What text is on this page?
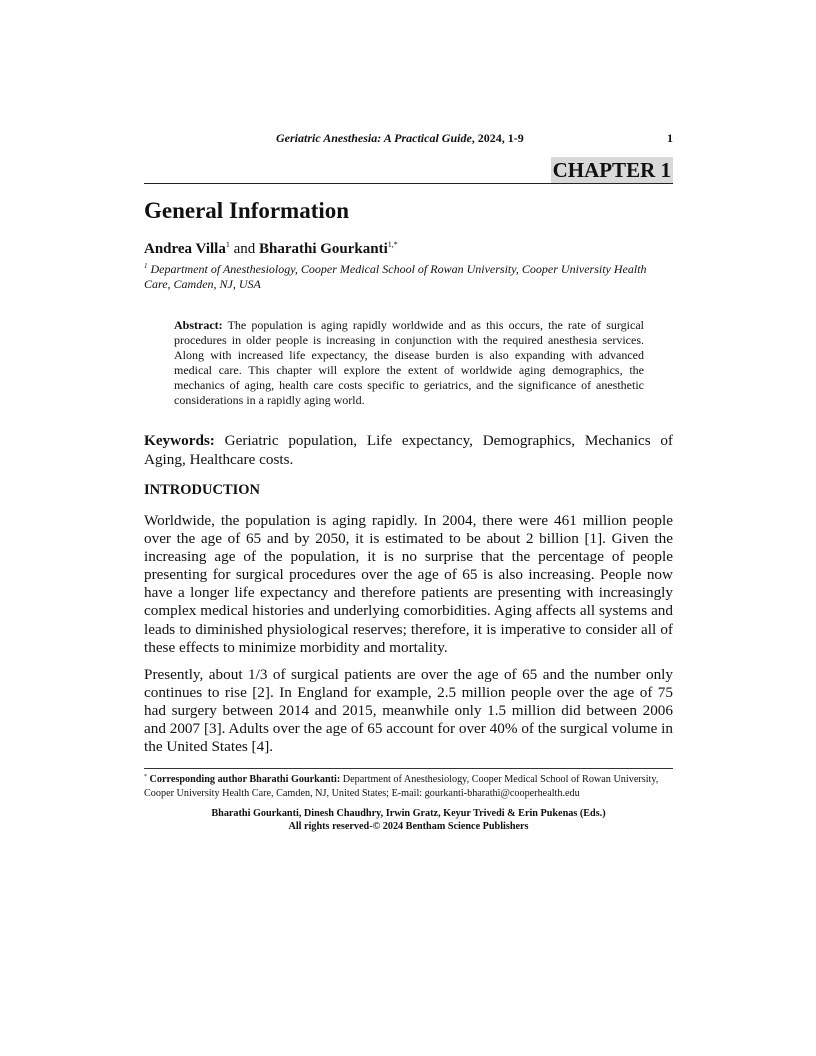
Geriatric Anesthesia: A Practical Guide, 2024, 1-9	1
CHAPTER 1
General Information
Andrea Villa$^1$ and Bharathi Gourkanti$^{1,*}$
$^1$ Department of Anesthesiology, Cooper Medical School of Rowan University, Cooper University Health Care, Camden, NJ, USA
Abstract: The population is aging rapidly worldwide and as this occurs, the rate of surgical procedures in older people is increasing in conjunction with the required anesthesia services. Along with increased life expectancy, the disease burden is also expanding with advanced medical care. This chapter will explore the extent of worldwide aging demographics, the mechanics of aging, health care costs specific to geriatrics, and the significance of anesthetic considerations in a rapidly aging world.
Keywords: Geriatric population, Life expectancy, Demographics, Mechanics of Aging, Healthcare costs.
INTRODUCTION

Worldwide, the population is aging rapidly. In 2004, there were 461 million people over the age of 65 and by 2050, it is estimated to be about 2 billion [1]. Given the increasing age of the population, it is no surprise that the percentage of people presenting for surgical procedures over the age of 65 is also increasing. People now have a longer life expectancy and therefore patients are presenting with increasingly complex medical histories and underlying comorbidities. Aging affects all systems and leads to diminished physiological reserves; therefore, it is imperative to consider all of these effects to minimize morbidity and mortality.

Presently, about 1/3 of surgical patients are over the age of 65 and the number only continues to rise [2]. In England for example, 2.5 million people over the age of 75 had surgery between 2014 and 2015, meanwhile only 1.5 million did between 2006 and 2007 [3]. Adults over the age of 65 account for over 40% of the surgical volume in the United States [4].

* Corresponding author Bharathi Gourkanti: Department of Anesthesiology, Cooper Medical School of Rowan University, Cooper University Health Care, Camden, NJ, United States; E-mail: gourkanti-bharathi@cooperhealth.edu
Bharathi Gourkanti, Dinesh Chaudhry, Irwin Gratz, Keyur Trivedi & Erin Pukenas (Eds.)
All rights reserved-© 2024 Bentham Science Publishers
